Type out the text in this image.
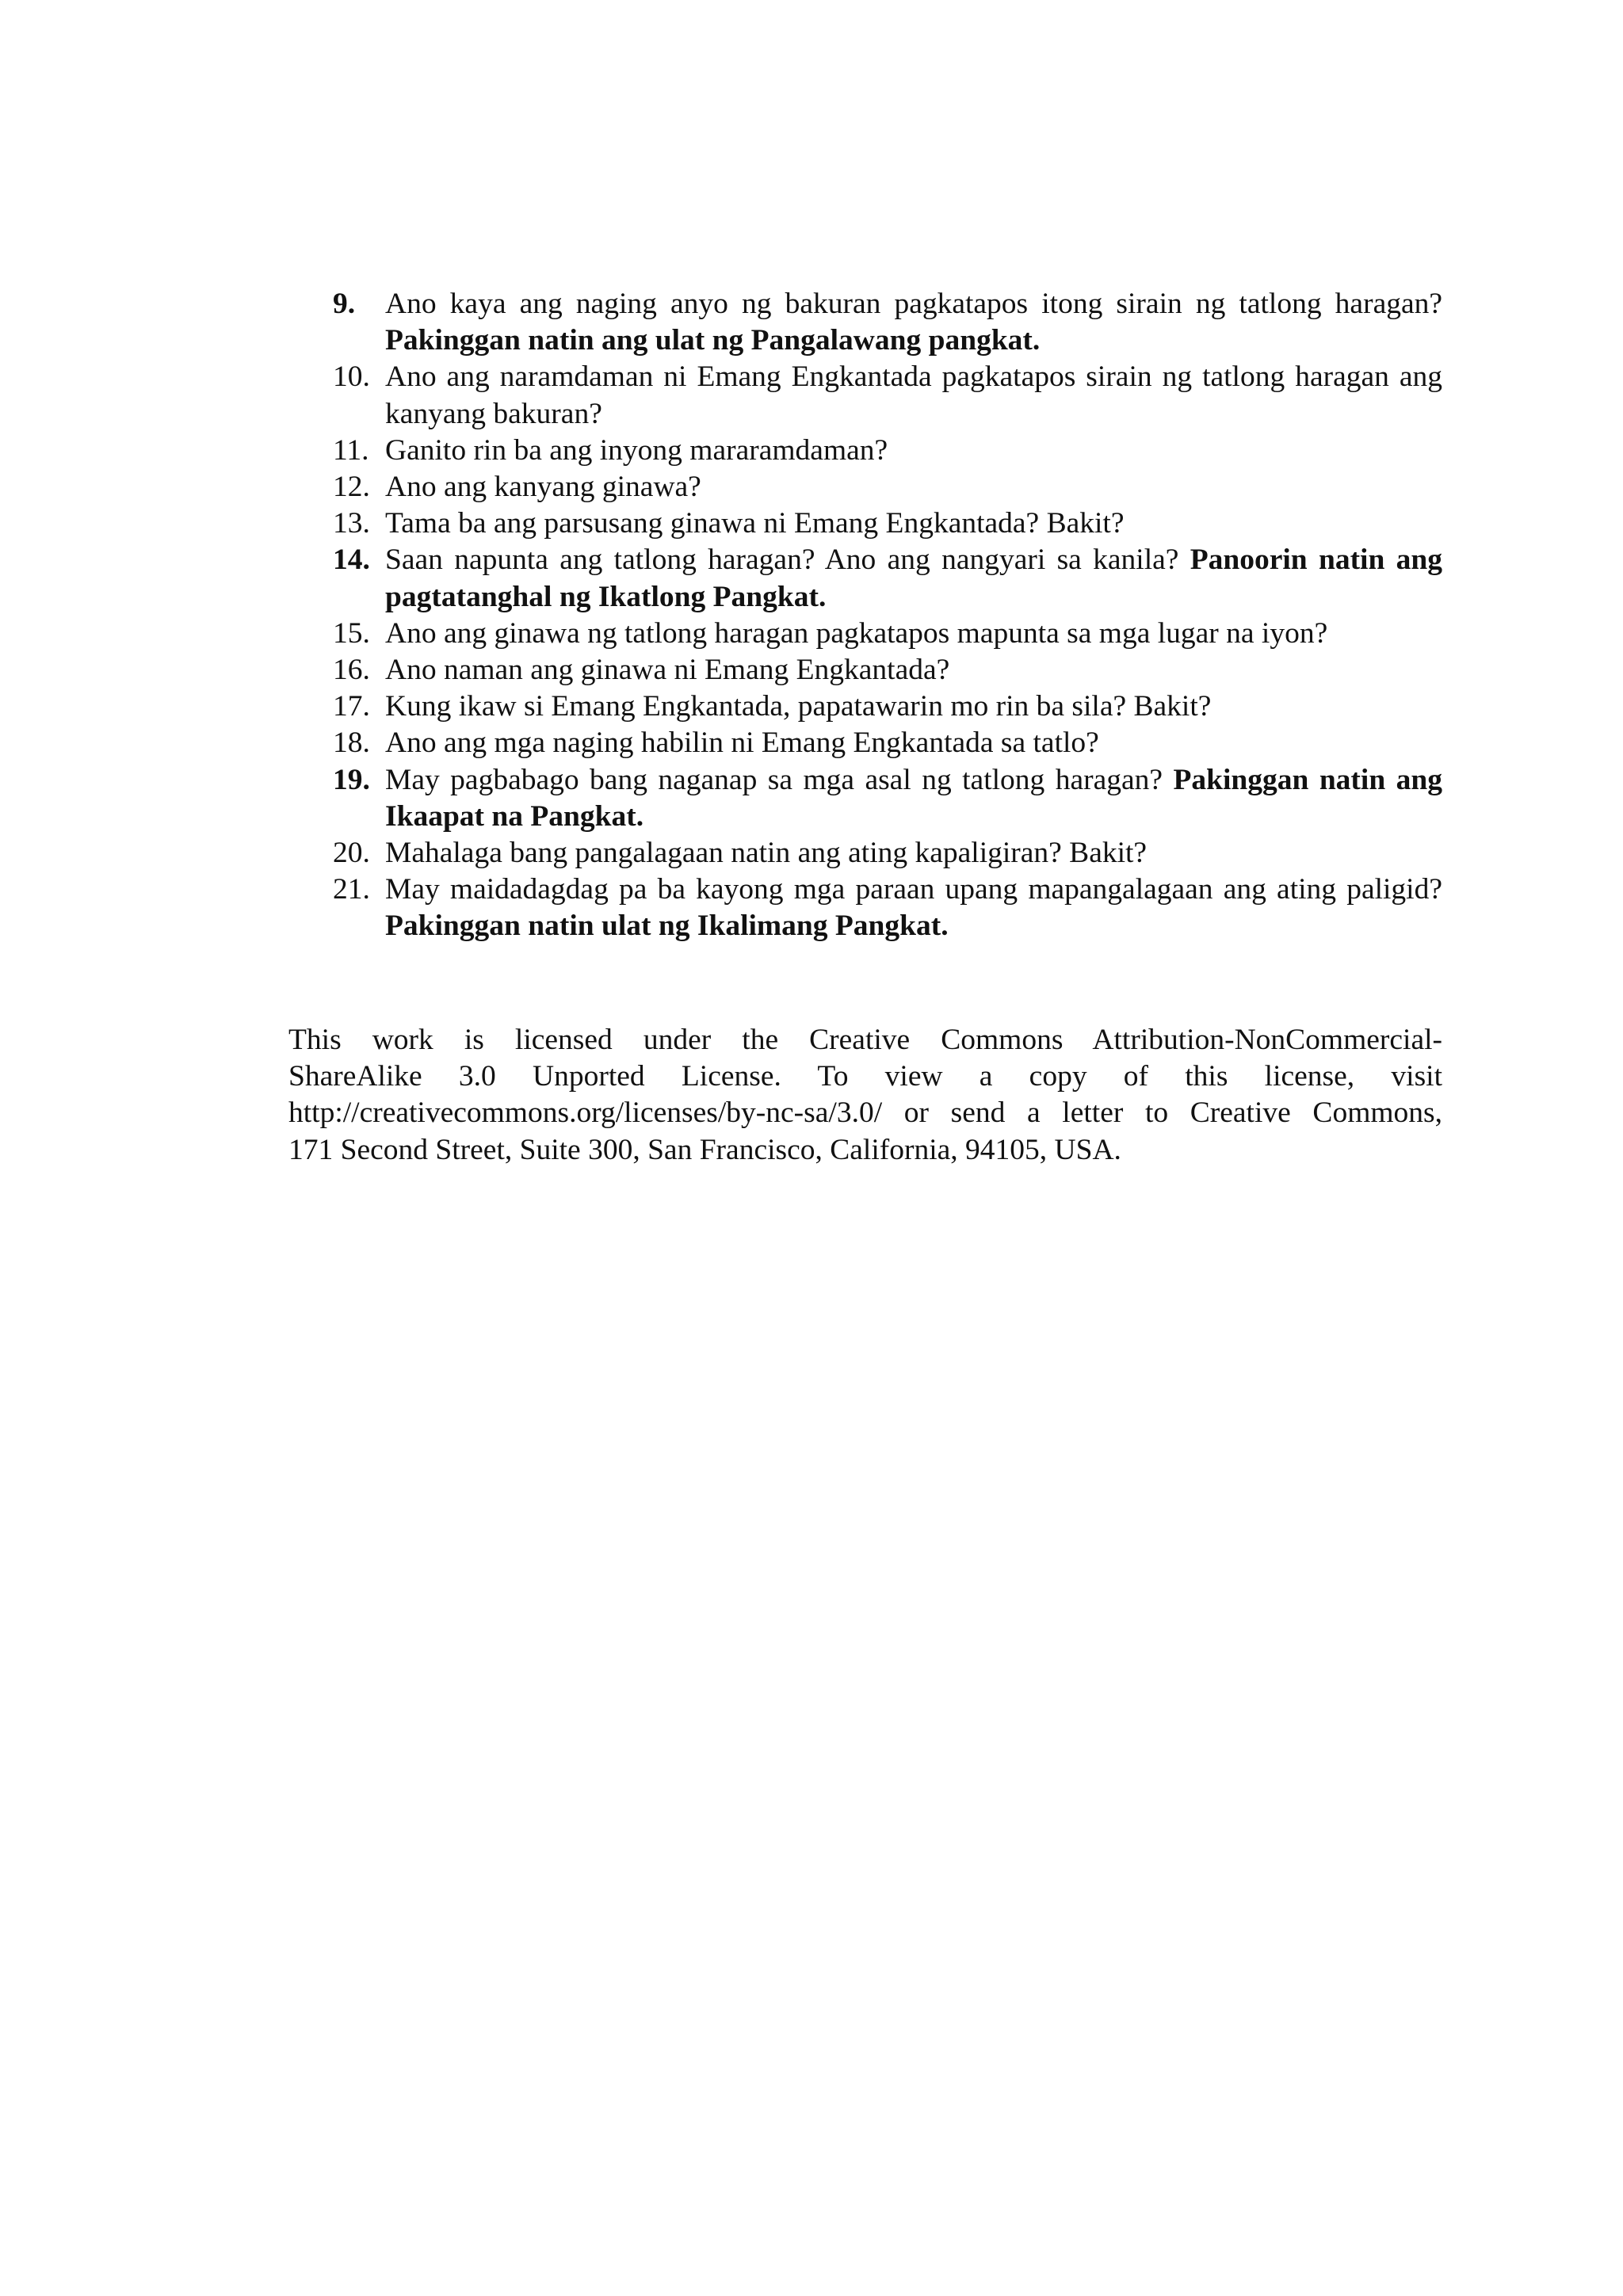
9.	Ano kaya ang naging anyo ng bakuran pagkatapos itong sirain ng tatlong haragan? Pakinggan natin ang ulat ng Pangalawang pangkat.
10. Ano ang naramdaman ni Emang Engkantada pagkatapos sirain ng tatlong haragan ang kanyang bakuran?
11. Ganito rin ba ang inyong mararamdaman?
12. Ano ang kanyang ginawa?
13. Tama ba ang parsusang ginawa ni Emang Engkantada? Bakit?
14. Saan napunta ang tatlong haragan? Ano ang nangyari sa kanila? Panoorin natin ang pagtatanghal ng Ikatlong Pangkat.
15. Ano ang ginawa ng tatlong haragan pagkatapos mapunta sa mga lugar na iyon?
16. Ano naman ang ginawa ni Emang Engkantada?
17. Kung ikaw si Emang Engkantada, papatawarin mo rin ba sila? Bakit?
18. Ano ang mga naging habilin ni Emang Engkantada sa tatlo?
19. May pagbabago bang naganap sa mga asal ng tatlong haragan? Pakinggan natin ang Ikaapat na Pangkat.
20. Mahalaga bang pangalagaan natin ang ating kapaligiran? Bakit?
21. May maidadagdag pa ba kayong mga paraan upang mapangalagaan ang ating paligid? Pakinggan natin ulat ng Ikalimang Pangkat.

This work is licensed under the Creative Commons Attribution-NonCommercial-
ShareAlike 3.0 Unported License. To view a copy of this license, visit
http://creativecommons.org/licenses/by-nc-sa/3.0/ or send a letter to Creative Commons,
171 Second Street, Suite 300, San Francisco, California, 94105, USA.
